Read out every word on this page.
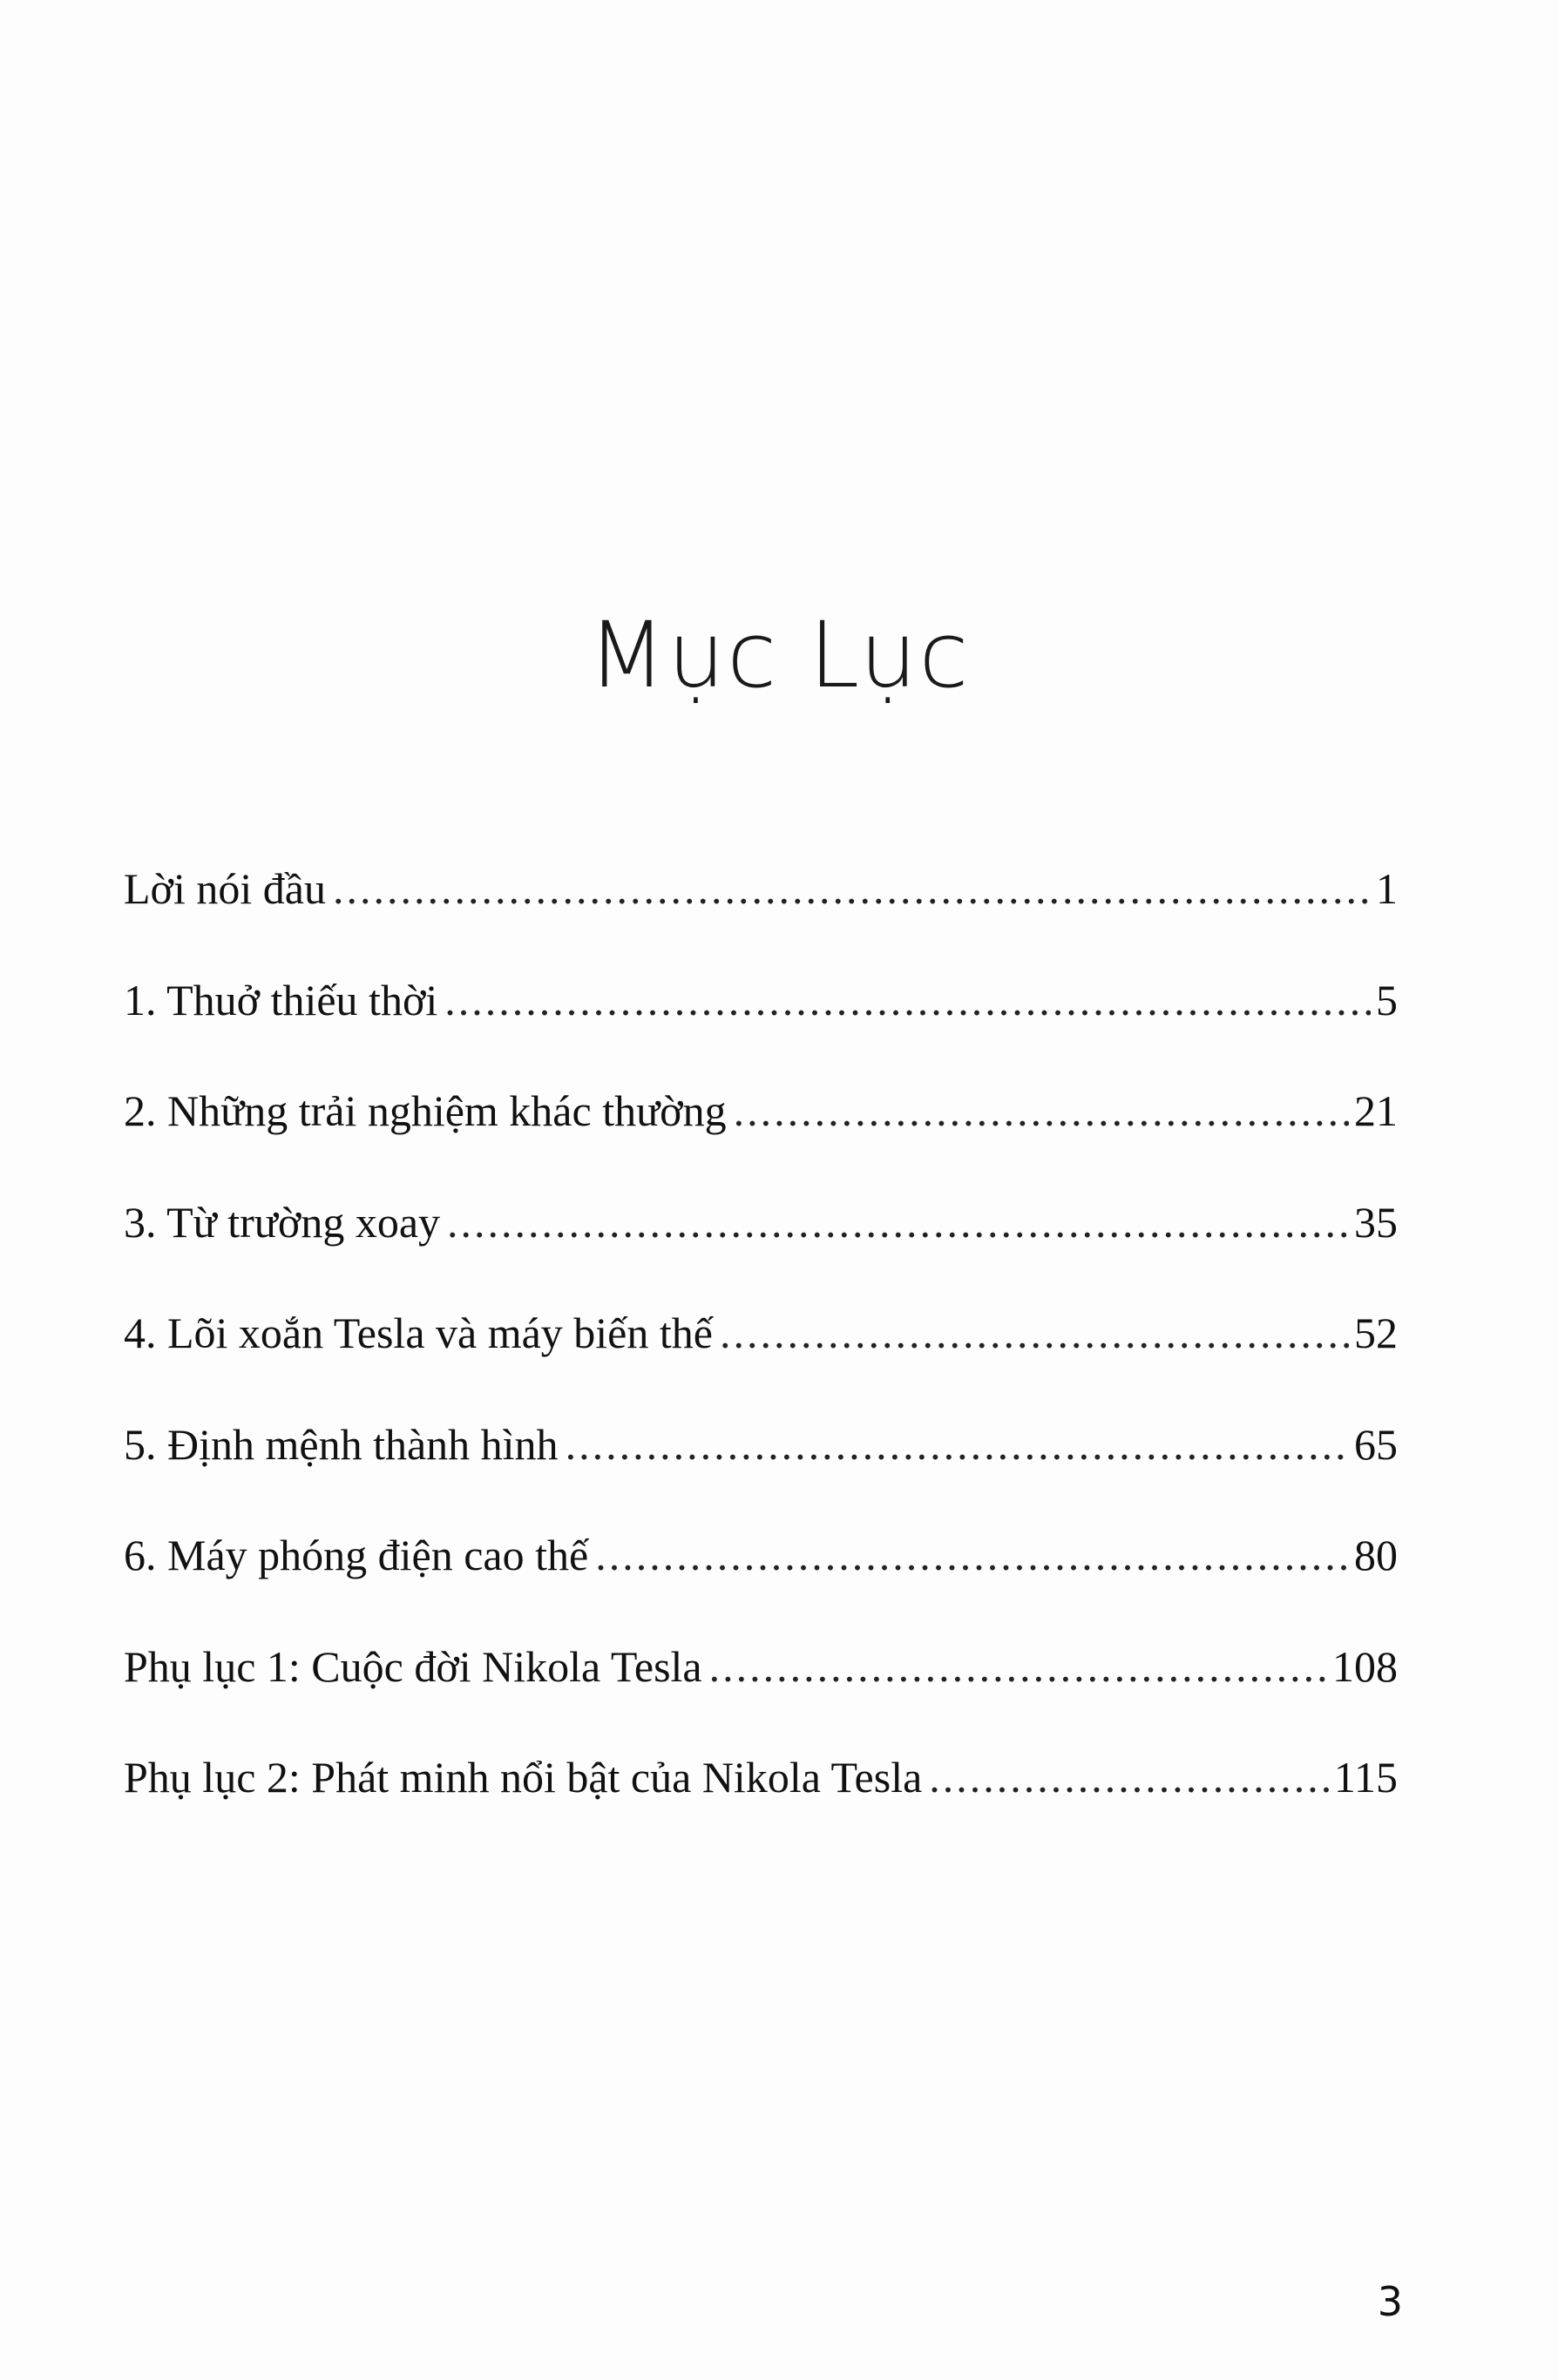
Mục Lục
Lời nói đầu .....	1
1. Thuở thiếu thời .....	5
2. Những trải nghiệm khác thường .....	21
3. Từ trường xoay .....	35
4. Lõi xoắn Tesla và máy biến thế .....	52
5. Định mệnh thành hình .....	65
6. Máy phóng điện cao thế .....	80
Phụ lục 1: Cuộc đời Nikola Tesla .....	108
Phụ lục 2: Phát minh nổi bật của Nikola Tesla .....	115
3
